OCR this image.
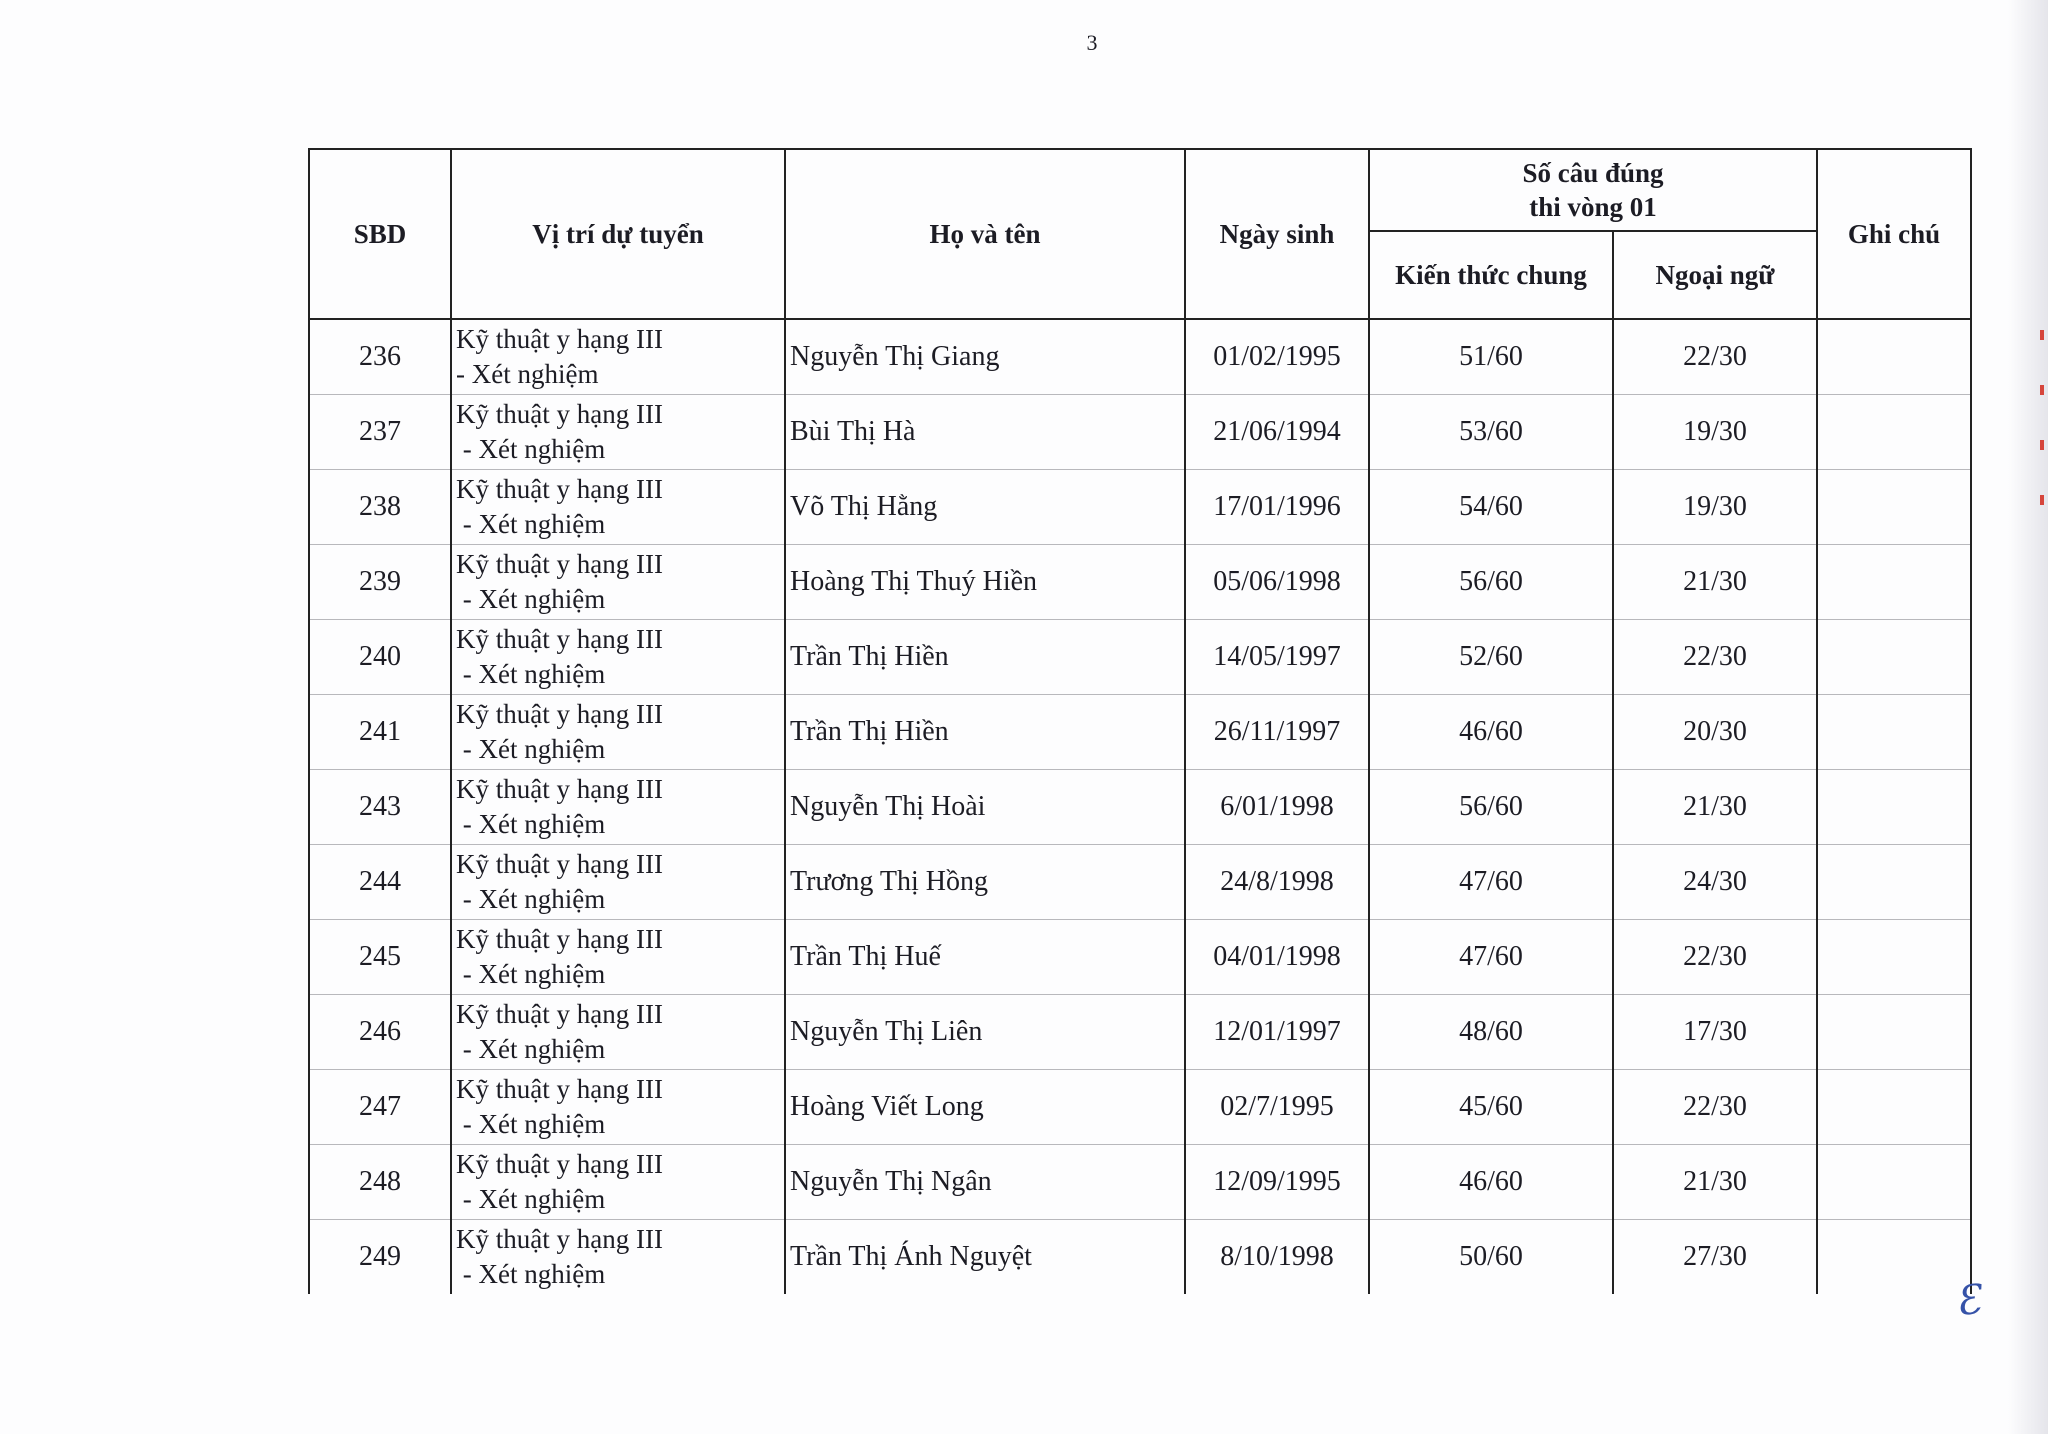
3
SBD	Vị trí dự tuyển	Họ và tên	Ngày sinh	Số câu đúng
thi vòng 01		Ghi chú
				Kiến thức chung	Ngoại ngữ	
236	Kỹ thuật y hạng III
- Xét nghiệm	Nguyễn Thị Giang	01/02/1995	51/60	22/30	
237	Kỹ thuật y hạng III
- Xét nghiệm	Bùi Thị Hà	21/06/1994	53/60	19/30	
238	Kỹ thuật y hạng III
- Xét nghiệm	Võ Thị Hằng	17/01/1996	54/60	19/30	
239	Kỹ thuật y hạng III
- Xét nghiệm	Hoàng Thị Thuý Hiền	05/06/1998	56/60	21/30	
240	Kỹ thuật y hạng III
- Xét nghiệm	Trần Thị Hiền	14/05/1997	52/60	22/30	
241	Kỹ thuật y hạng III
- Xét nghiệm	Trần Thị Hiền	26/11/1997	46/60	20/30	
243	Kỹ thuật y hạng III
- Xét nghiệm	Nguyễn Thị Hoài	6/01/1998	56/60	21/30	
244	Kỹ thuật y hạng III
- Xét nghiệm	Trương Thị Hồng	24/8/1998	47/60	24/30	
245	Kỹ thuật y hạng III
- Xét nghiệm	Trần Thị Huế	04/01/1998	47/60	22/30	
246	Kỹ thuật y hạng III
- Xét nghiệm	Nguyễn Thị Liên	12/01/1997	48/60	17/30	
247	Kỹ thuật y hạng III
- Xét nghiệm	Hoàng Viết Long	02/7/1995	45/60	22/30	
248	Kỹ thuật y hạng III
- Xét nghiệm	Nguyễn Thị Ngân	12/09/1995	46/60	21/30	
249	Kỹ thuật y hạng III
- Xét nghiệm	Trần Thị Ánh Nguyệt	8/10/1998	50/60	27/30	
Ɛ
